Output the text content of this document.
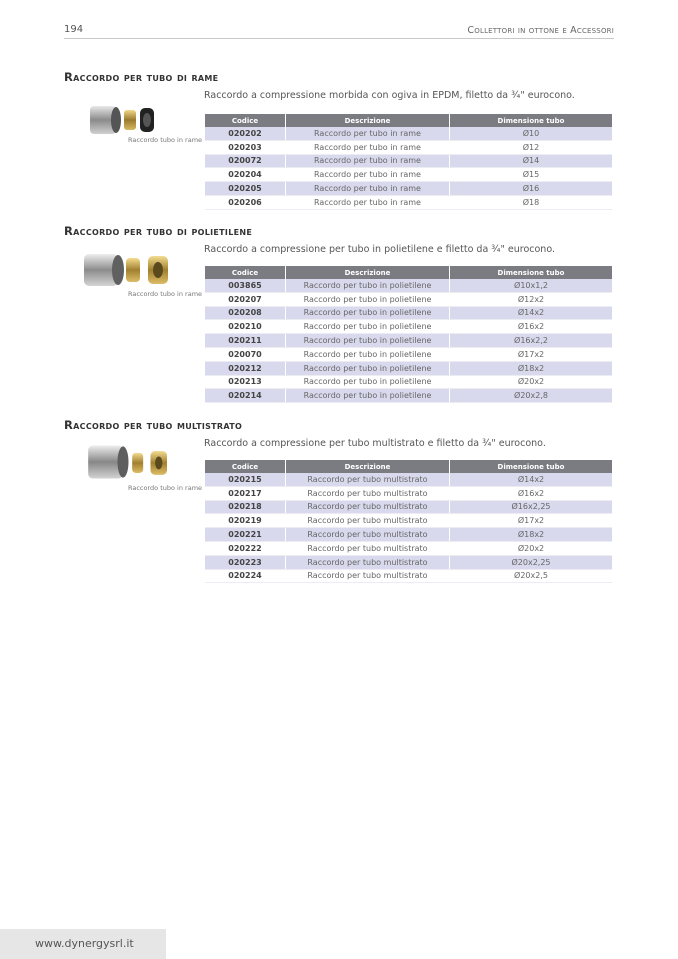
194	Collettori in ottone e Accessori
Raccordo per tubo di rame
Raccordo a compressione morbida con ogiva in EPDM, filetto da ¾" eurocono.
Raccordo tubo in rame
Codice	Descrizione	Dimensione tubo
020202	Raccordo per tubo in rame	Ø10
020203	Raccordo per tubo in rame	Ø12
020072	Raccordo per tubo in rame	Ø14
020204	Raccordo per tubo in rame	Ø15
020205	Raccordo per tubo in rame	Ø16
020206	Raccordo per tubo in rame	Ø18
Raccordo per tubo di polietilene
Raccordo a compressione per tubo in polietilene e filetto da ¾" eurocono.
Raccordo tubo in rame
Codice	Descrizione	Dimensione tubo
003865	Raccordo per tubo in polietilene	Ø10x1,2
020207	Raccordo per tubo in polietilene	Ø12x2
020208	Raccordo per tubo in polietilene	Ø14x2
020210	Raccordo per tubo in polietilene	Ø16x2
020211	Raccordo per tubo in polietilene	Ø16x2,2
020070	Raccordo per tubo in polietilene	Ø17x2
020212	Raccordo per tubo in polietilene	Ø18x2
020213	Raccordo per tubo in polietilene	Ø20x2
020214	Raccordo per tubo in polietilene	Ø20x2,8
Raccordo per tubo multistrato
Raccordo a compressione per tubo multistrato e filetto da ¾" eurocono.
Raccordo tubo in rame
Codice	Descrizione	Dimensione tubo
020215	Raccordo per tubo multistrato	Ø14x2
020217	Raccordo per tubo multistrato	Ø16x2
020218	Raccordo per tubo multistrato	Ø16x2,25
020219	Raccordo per tubo multistrato	Ø17x2
020221	Raccordo per tubo multistrato	Ø18x2
020222	Raccordo per tubo multistrato	Ø20x2
020223	Raccordo per tubo multistrato	Ø20x2,25
020224	Raccordo per tubo multistrato	Ø20x2,5
www.dynergysrl.it
